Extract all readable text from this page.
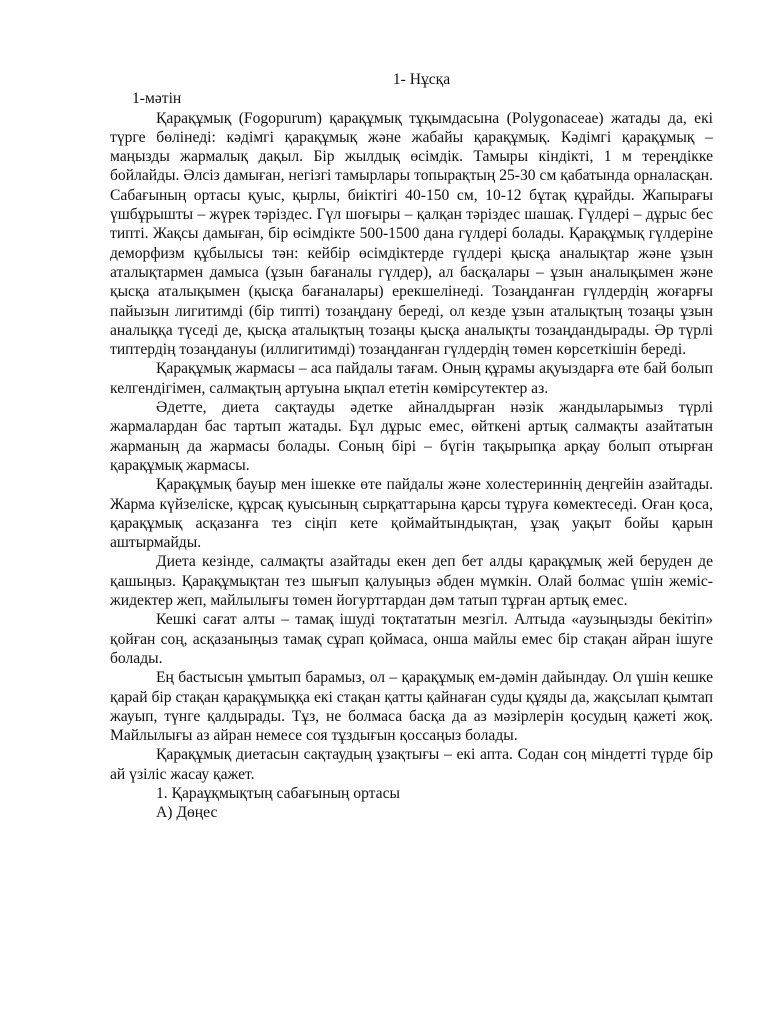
1- Нұсқа

1-мәтін

Қарақұмық (Fogopurum) қарақұмық тұқымдасына (Polygonaceae) жатады да, екі түрге бөлінеді: кәдімгі қарақұмық және жабайы қарақұмық. Кәдімгі қарақұмық – маңызды жармалық дақыл. Бір жылдық өсімдік. Тамыры кіндікті, 1 м тереңдікке бойлайды. Әлсіз дамыған, негізгі тамырлары топырақтың 25-30 см қабатында орналасқан. Сабағының ортасы қуыс, қырлы, биіктігі 40-150 см, 10-12 бұтақ құрайды. Жапырағы үшбұрышты – жүрек тәріздес. Гүл шоғыры – қалқан тәріздес шашақ. Гүлдері – дұрыс бес типті. Жақсы дамыған, бір өсімдікте 500-1500 дана гүлдері болады. Қарақұмық гүлдеріне деморфизм құбылысы тән: кейбір өсімдіктерде гүлдері қысқа аналықтар және ұзын аталықтармен дамыса (ұзын бағаналы гүлдер), ал басқалары – ұзын аналықымен және қысқа аталықымен (қысқа бағаналары) ерекшелінеді. Тозаңданған гүлдердің жоғарғы пайызын лигитимді (бір типті) тозаңдану береді, ол кезде ұзын аталықтың тозаңы ұзын аналыққа түседі де, қысқа аталықтың тозаңы қысқа аналықты тозаңдандырады. Әр түрлі типтердің тозаңдануы (иллигитимді) тозаңданған гүлдердің төмен көрсеткішін береді.

Қарақұмық жармасы – аса пайдалы тағам. Оның құрамы ақуыздарға өте бай болып келгендігімен, салмақтың артуына ықпал ететін көмірсутектер аз.

Әдетте, диета сақтауды әдетке айналдырған нәзік жандыларымыз түрлі жармалардан бас тартып жатады. Бұл дұрыс емес, өйткені артық салмақты азайтатын жарманың да жармасы болады. Соның бірі – бүгін тақырыпқа арқау болып отырған қарақұмық жармасы.

Қарақұмық бауыр мен ішекке өте пайдалы және холестериннің деңгейін азайтады. Жарма күйзеліске, құрсақ қуысының сырқаттарына қарсы тұруға көмектеседі. Оған қоса, қарақұмық асқазанға тез сіңіп кете қоймайтындықтан, ұзақ уақыт бойы қарын аштырмайды.

Диета кезінде, салмақты азайтады екен деп бет алды қарақұмық жей беруден де қашыңыз. Қарақұмықтан тез шығып қалуыңыз әбден мүмкін. Олай болмас үшін жеміс-жидектер жеп, майлылығы төмен йогурттардан дәм татып тұрған артық емес.

Кешкі сағат алты – тамақ ішуді тоқтататын мезгіл. Алтыда «аузыңызды бекітіп» қойған соң, асқазаныңыз тамақ сұрап қоймаса, онша майлы емес бір стақан айран ішуге болады.

Ең бастысын ұмытып барамыз, ол – қарақұмық ем-дәмін дайындау. Ол үшін кешке қарай бір стақан қарақұмыққа екі стақан қатты қайнаған суды құяды да, жақсылап қымтап жауып, түнге қалдырады. Тұз, не болмаса басқа да аз мәзірлерін қосудың қажеті жоқ. Майлылығы аз айран немесе соя тұздығын қоссаңыз болады.

Қарақұмық диетасын сақтаудың ұзақтығы – екі апта. Содан соң міндетті түрде бір ай үзіліс жасау қажет.

1. Қараұқмықтың сабағының ортасы

А) Дөңес
